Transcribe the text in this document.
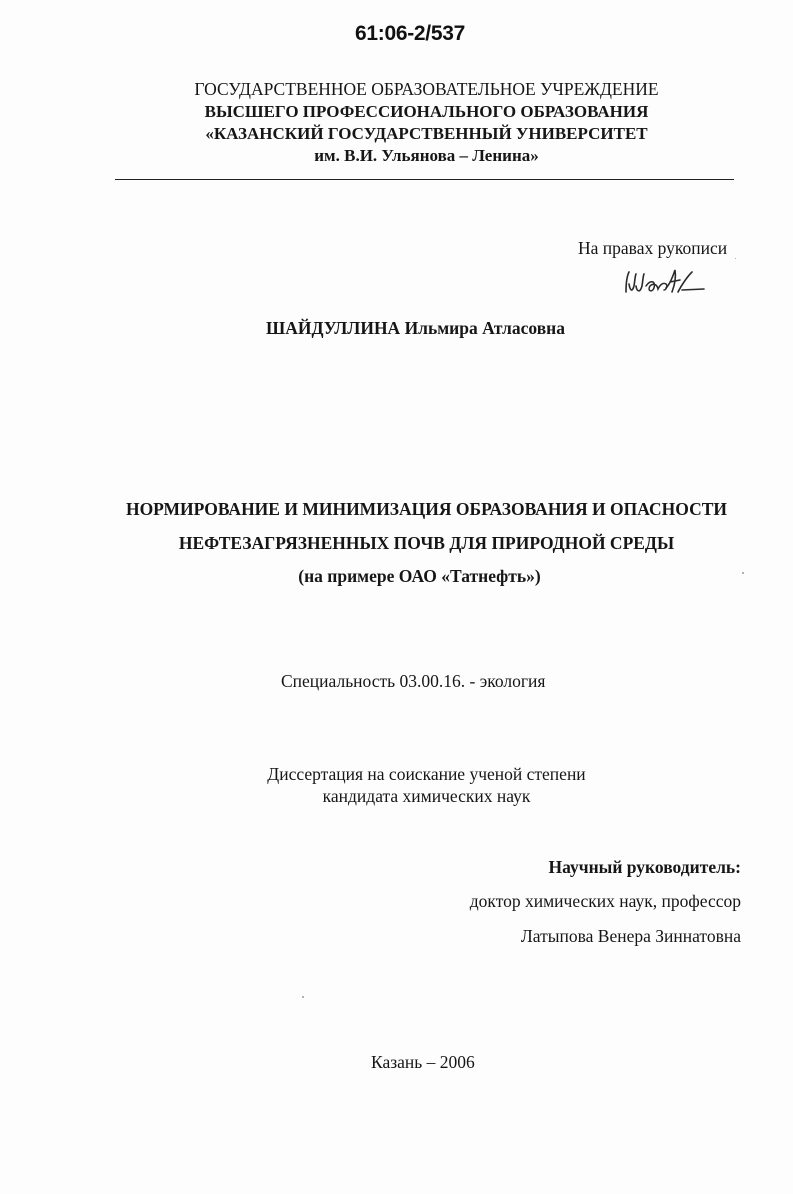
61:06-2/537
ГОСУДАРСТВЕННОЕ ОБРАЗОВАТЕЛЬНОЕ УЧРЕЖДЕНИЕ
ВЫСШЕГО ПРОФЕССИОНАЛЬНОГО ОБРАЗОВАНИЯ
«КАЗАНСКИЙ ГОСУДАРСТВЕННЫЙ УНИВЕРСИТЕТ
им. В.И. Ульянова – Ленина»
На правах рукописи
ШАЙДУЛЛИНА Ильмира Атласовна
НОРМИРОВАНИЕ И МИНИМИЗАЦИЯ ОБРАЗОВАНИЯ И ОПАСНОСТИ
НЕФТЕЗАГРЯЗНЕННЫХ ПОЧВ ДЛЯ ПРИРОДНОЙ СРЕДЫ
(на примере ОАО «Татнефть»)
Специальность 03.00.16. - экология
Диссертация на соискание ученой степени
кандидата химических наук
Научный руководитель:
доктор химических наук, профессор
Латыпова Венера Зиннатовна
Казань – 2006
